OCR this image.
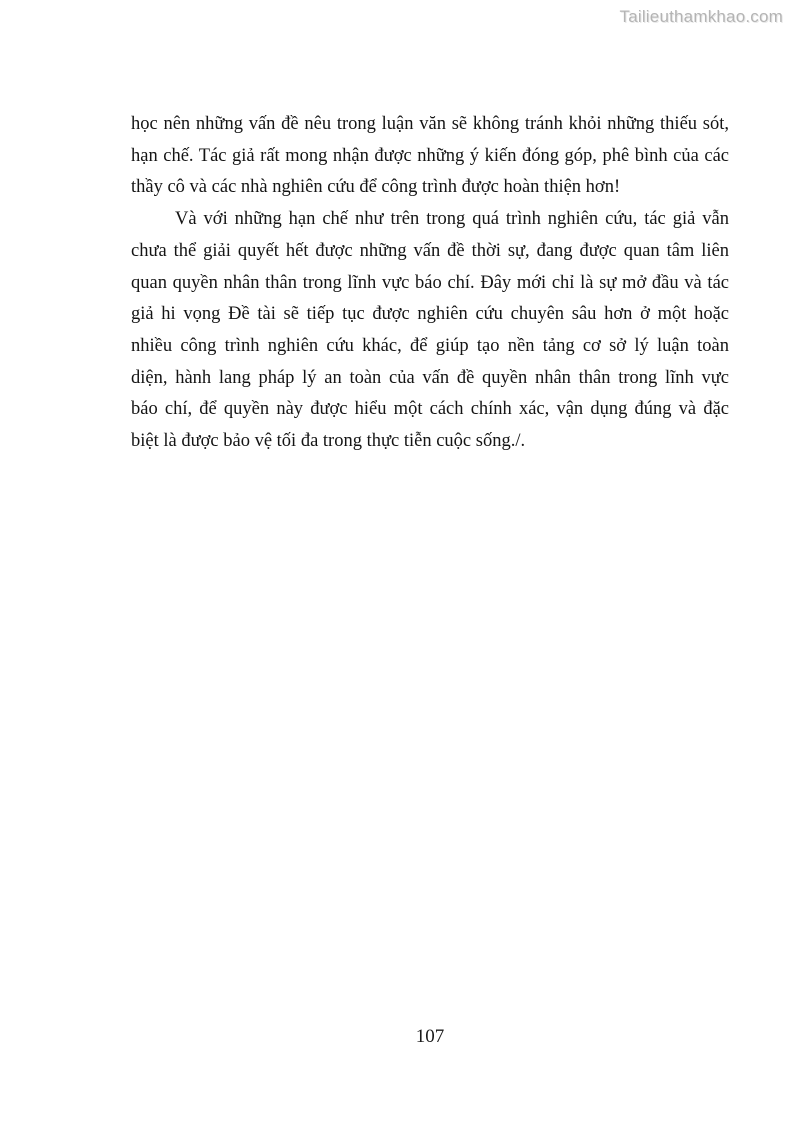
Tailieuthamkhao.com
học nên những vấn đề nêu trong luận văn sẽ không tránh khỏi những thiếu sót,
hạn chế. Tác giả rất mong nhận được những ý kiến đóng góp, phê bình của các
thầy cô và các nhà nghiên cứu để công trình được hoàn thiện hơn!
Và với những hạn chế như trên trong quá trình nghiên cứu, tác giả vẫn
chưa thể giải quyết hết được những vấn đề thời sự, đang được quan tâm liên
quan quyền nhân thân trong lĩnh vực báo chí. Đây mới chỉ là sự mở đầu và tác
giả hi vọng Đề tài sẽ tiếp tục được nghiên cứu chuyên sâu hơn ở một hoặc
nhiều công trình nghiên cứu khác, để giúp tạo nền tảng cơ sở lý luận toàn
diện, hành lang pháp lý an toàn của vấn đề quyền nhân thân trong lĩnh vực
báo chí, để quyền này được hiểu một cách chính xác, vận dụng đúng và đặc
biệt là được bảo vệ tối đa trong thực tiễn cuộc sống./.
107
